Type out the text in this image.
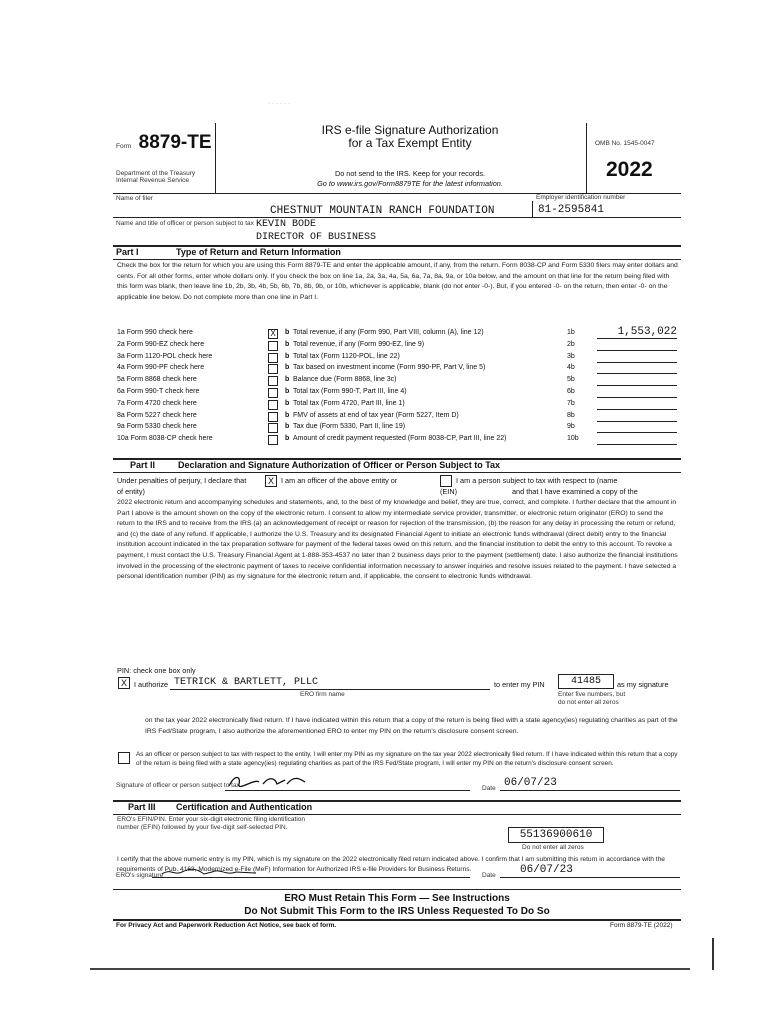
· · · · · ·
Form 8879-TE
IRS e-file Signature Authorization
for a Tax Exempt Entity
Do not send to the IRS. Keep for your records.
Go to www.irs.gov/Form8879TE for the latest information.
Department of the Treasury
Internal Revenue Service
OMB No. 1545-0047
2022
Name of filer	Employer identification number
CHESTNUT MOUNTAIN RANCH FOUNDATION	81-2595841
Name and title of officer or person subject to tax KEVIN BODE
DIRECTOR OF BUSINESS
Part I	Type of Return and Return Information
Check the box for the return for which you are using this Form 8879-TE and enter the applicable amount, if any, from the return. Form 8038-CP and Form 5330 filers may enter dollars and cents. For all other forms, enter whole dollars only. If you check the box on line 1a, 2a, 3a, 4a, 5a, 6a, 7a, 8a, 9a, or 10a below, and the amount on that line for the return being filed with this form was blank, then leave line 1b, 2b, 3b, 4b, 5b, 6b, 7b, 8b, 9b, or 10b, whichever is applicable, blank (do not enter -0-). But, if you entered -0- on the return, then enter -0- on the applicable line below. Do not complete more than one line in Part I.
1a Form 990 check here	X	b Total revenue, if any (Form 990, Part VIII, column (A), line 12)	1b	1,553,022
2a Form 990-EZ check here	b Total revenue, if any (Form 990-EZ, line 9)	2b
3a Form 1120-POL check here	b Total tax (Form 1120-POL, line 22)	3b
4a Form 990-PF check here	b Tax based on investment income (Form 990-PF, Part V, line 5)	4b
5a Form 8868 check here	b Balance due (Form 8868, line 3c)	5b
6a Form 990-T check here	b Total tax (Form 990-T, Part III, line 4)	6b
7a Form 4720 check here	b Total tax (Form 4720, Part III, line 1)	7b
8a Form 5227 check here	b FMV of assets at end of tax year (Form 5227, Item D)	8b
9a Form 5330 check here	b Tax due (Form 5330, Part II, line 19)	9b
10a Form 8038-CP check here	b Amount of credit payment requested (Form 8038-CP, Part III, line 22)	10b
Part II	Declaration and Signature Authorization of Officer or Person Subject to Tax
Under penalties of perjury, I declare that	X I am an officer of the above entity or	I am a person subject to tax with respect to (name
of entity)	(EIN)	and that I have examined a copy of the
2022 electronic return and accompanying schedules and statements, and, to the best of my knowledge and belief, they are true, correct, and complete. I further declare that the amount in Part I above is the amount shown on the copy of the electronic return. I consent to allow my intermediate service provider, transmitter, or electronic return originator (ERO) to send the return to the IRS and to receive from the IRS (a) an acknowledgement of receipt or reason for rejection of the transmission, (b) the reason for any delay in processing the return or refund, and (c) the date of any refund. If applicable, I authorize the U.S. Treasury and its designated Financial Agent to initiate an electronic funds withdrawal (direct debit) entry to the financial institution account indicated in the tax preparation software for payment of the federal taxes owed on this return, and the financial institution to debit the entry to this account. To revoke a payment, I must contact the U.S. Treasury Financial Agent at 1-888-353-4537 no later than 2 business days prior to the payment (settlement) date. I also authorize the financial institutions involved in the processing of the electronic payment of taxes to receive confidential information necessary to answer inquiries and resolve issues related to the payment. I have selected a personal identification number (PIN) as my signature for the electronic return and, if applicable, the consent to electronic funds withdrawal.
PIN: check one box only
X I authorize TETRICK & BARTLETT, PLLC
ERO firm name
to enter my PIN	41485	as my signature
Enter five numbers, but
do not enter all zeros
on the tax year 2022 electronically filed return. If I have indicated within this return that a copy of the return is being filed with a state agency(ies) regulating charities as part of the IRS Fed/State program, I also authorize the aforementioned ERO to enter my PIN on the return's disclosure consent screen.
As an officer or person subject to tax with respect to the entity, I will enter my PIN as my signature on the tax year 2022 electronically filed return. If I have indicated within this return that a copy of the return is being filed with a state agency(ies) regulating charities as part of the IRS Fed/State program, I will enter my PIN on the return's disclosure consent screen.
Signature of officer or person subject to tax	Date 06/07/23
Part III Certification and Authentication
ERO's EFIN/PIN. Enter your six-digit electronic filing identification number (EFIN) followed by your five-digit self-selected PIN.
55136900610
Do not enter all zeros
I certify that the above numeric entry is my PIN, which is my signature on the 2022 electronically filed return indicated above. I confirm that I am submitting this return in accordance with the requirements of Pub. 4163, Modernized e-File (MeF) Information for Authorized IRS e-file Providers for Business Returns.
ERO's signature	Date 06/07/23
ERO Must Retain This Form — See Instructions
Do Not Submit This Form to the IRS Unless Requested To Do So
For Privacy Act and Paperwork Reduction Act Notice, see back of form.	Form 8879-TE (2022)
